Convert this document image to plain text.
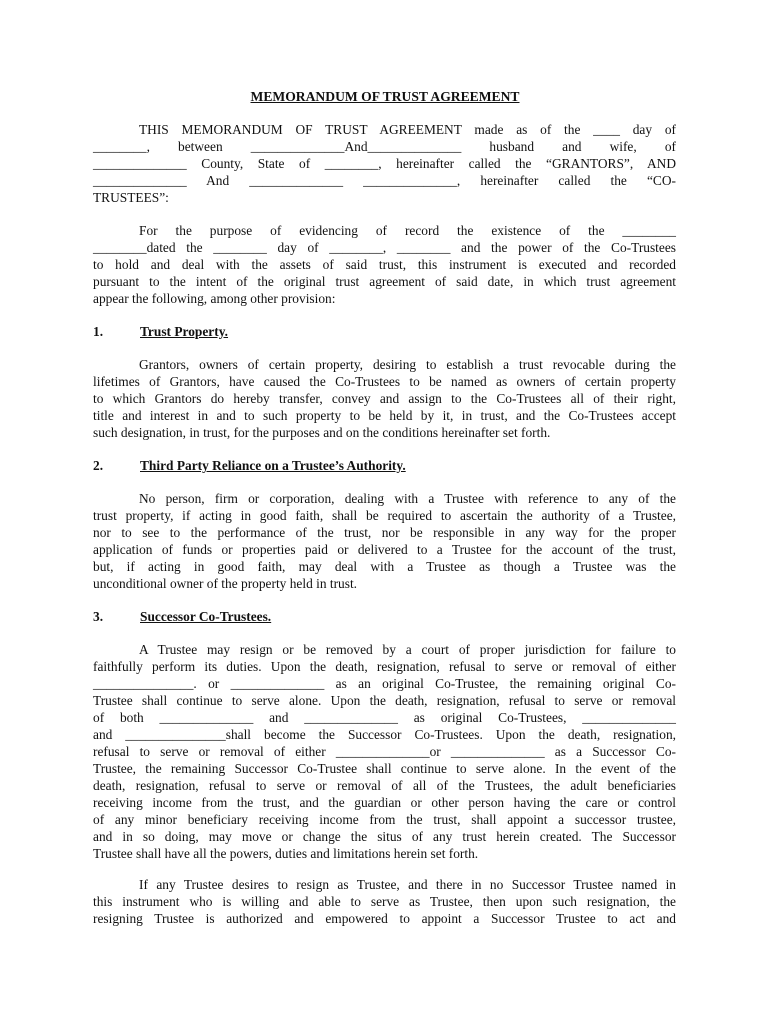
MEMORANDUM OF TRUST AGREEMENT
THIS MEMORANDUM OF TRUST AGREEMENT made as of the ____ day of
________, between ______________And______________ husband and wife, of
______________ County, State of ________, hereinafter called the “GRANTORS”, AND
______________ And ______________ ______________, hereinafter called the “CO-
TRUSTEES”:
For the purpose of evidencing of record the existence of the ________
________dated the ________ day of ________, ________ and the power of the Co-Trustees
to hold and deal with the assets of said trust, this instrument is executed and recorded
pursuant to the intent of the original trust agreement of said date, in which trust agreement
appear the following, among other provision:
1.	Trust Property.
Grantors, owners of certain property, desiring to establish a trust revocable during the
lifetimes of Grantors, have caused the Co-Trustees to be named as owners of certain property
to which Grantors do hereby transfer, convey and assign to the Co-Trustees all of their right,
title and interest in and to such property to be held by it, in trust, and the Co-Trustees accept
such designation, in trust, for the purposes and on the conditions hereinafter set forth.
2.	Third Party Reliance on a Trustee’s Authority.
No person, firm or corporation, dealing with a Trustee with reference to any of the
trust property, if acting in good faith, shall be required to ascertain the authority of a Trustee,
nor to see to the performance of the trust, nor be responsible in any way for the proper
application of funds or properties paid or delivered to a Trustee for the account of the trust,
but, if acting in good faith, may deal with a Trustee as though a Trustee was the
unconditional owner of the property held in trust.
3.	Successor Co-Trustees.
A Trustee may resign or be removed by a court of proper jurisdiction for failure to
faithfully perform its duties. Upon the death, resignation, refusal to serve or removal of either
_______________. or ______________ as an original Co-Trustee, the remaining original Co-
Trustee shall continue to serve alone. Upon the death, resignation, refusal to serve or removal
of both ______________ and ______________ as original Co-Trustees, ______________
and _______________shall become the Successor Co-Trustees. Upon the death, resignation,
refusal to serve or removal of either ______________or ______________ as a Successor Co-
Trustee, the remaining Successor Co-Trustee shall continue to serve alone. In the event of the
death, resignation, refusal to serve or removal of all of the Trustees, the adult beneficiaries
receiving income from the trust, and the guardian or other person having the care or control
of any minor beneficiary receiving income from the trust, shall appoint a successor trustee,
and in so doing, may move or change the situs of any trust herein created. The Successor
Trustee shall have all the powers, duties and limitations herein set forth.
If any Trustee desires to resign as Trustee, and there in no Successor Trustee named in
this instrument who is willing and able to serve as Trustee, then upon such resignation, the
resigning Trustee is authorized and empowered to appoint a Successor Trustee to act and
